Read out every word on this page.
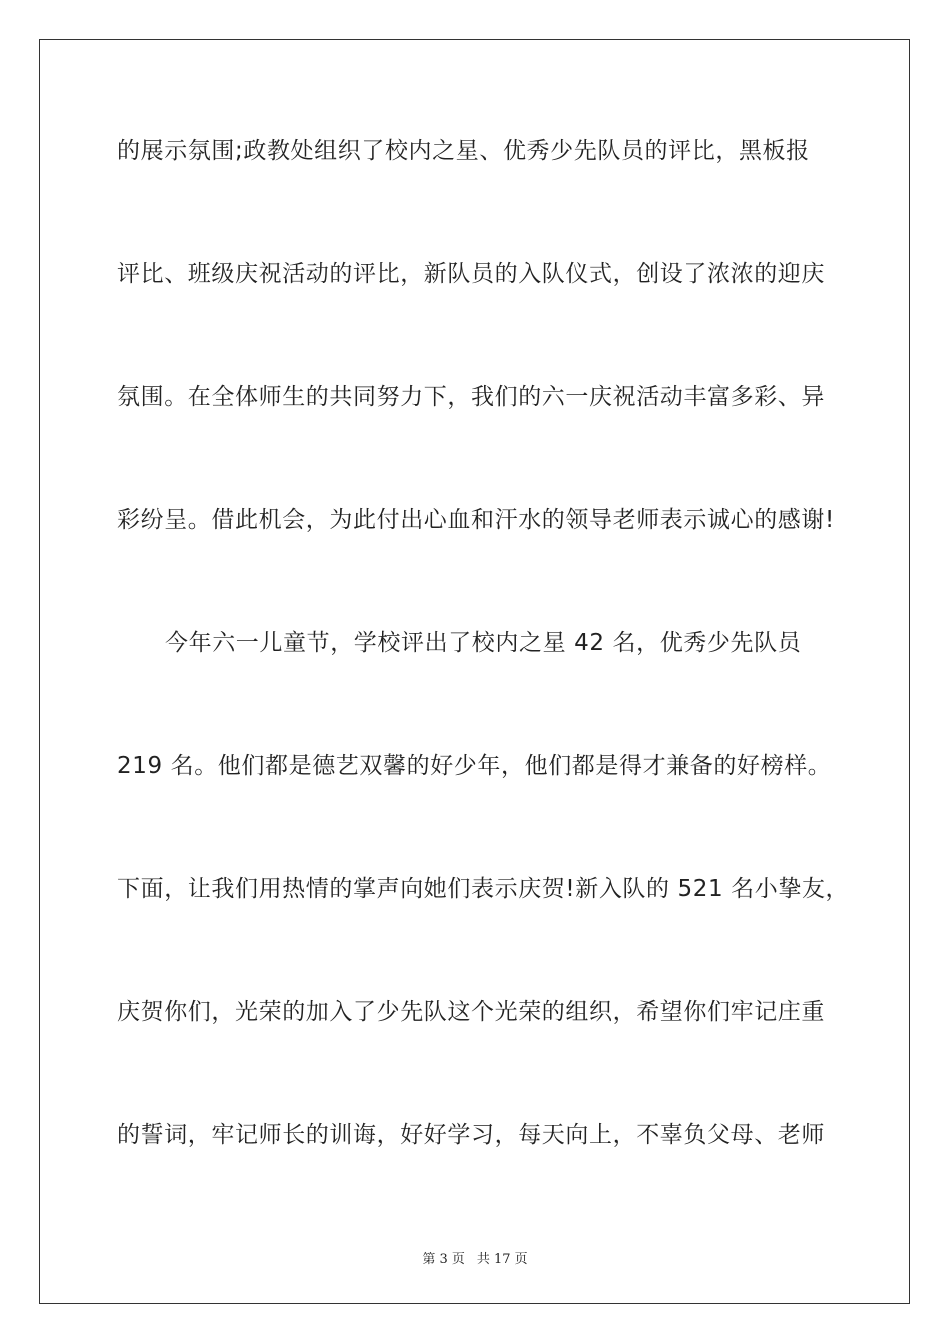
的展示氛围;政教处组织了校内之星、优秀少先队员的评比，黑板报
评比、班级庆祝活动的评比，新队员的入队仪式，创设了浓浓的迎庆
氛围。在全体师生的共同努力下，我们的六一庆祝活动丰富多彩、异
彩纷呈。借此机会，为此付出心血和汗水的领导老师表示诚心的感谢!
今年六一儿童节，学校评出了校内之星 42 名，优秀少先队员
219 名。他们都是德艺双馨的好少年，他们都是得才兼备的好榜样。
下面，让我们用热情的掌声向她们表示庆贺!新入队的 521 名小挚友，
庆贺你们，光荣的加入了少先队这个光荣的组织，希望你们牢记庄重
的誓词，牢记师长的训诲，好好学习，每天向上，不辜负父母、老师
第 3 页 共 17 页
